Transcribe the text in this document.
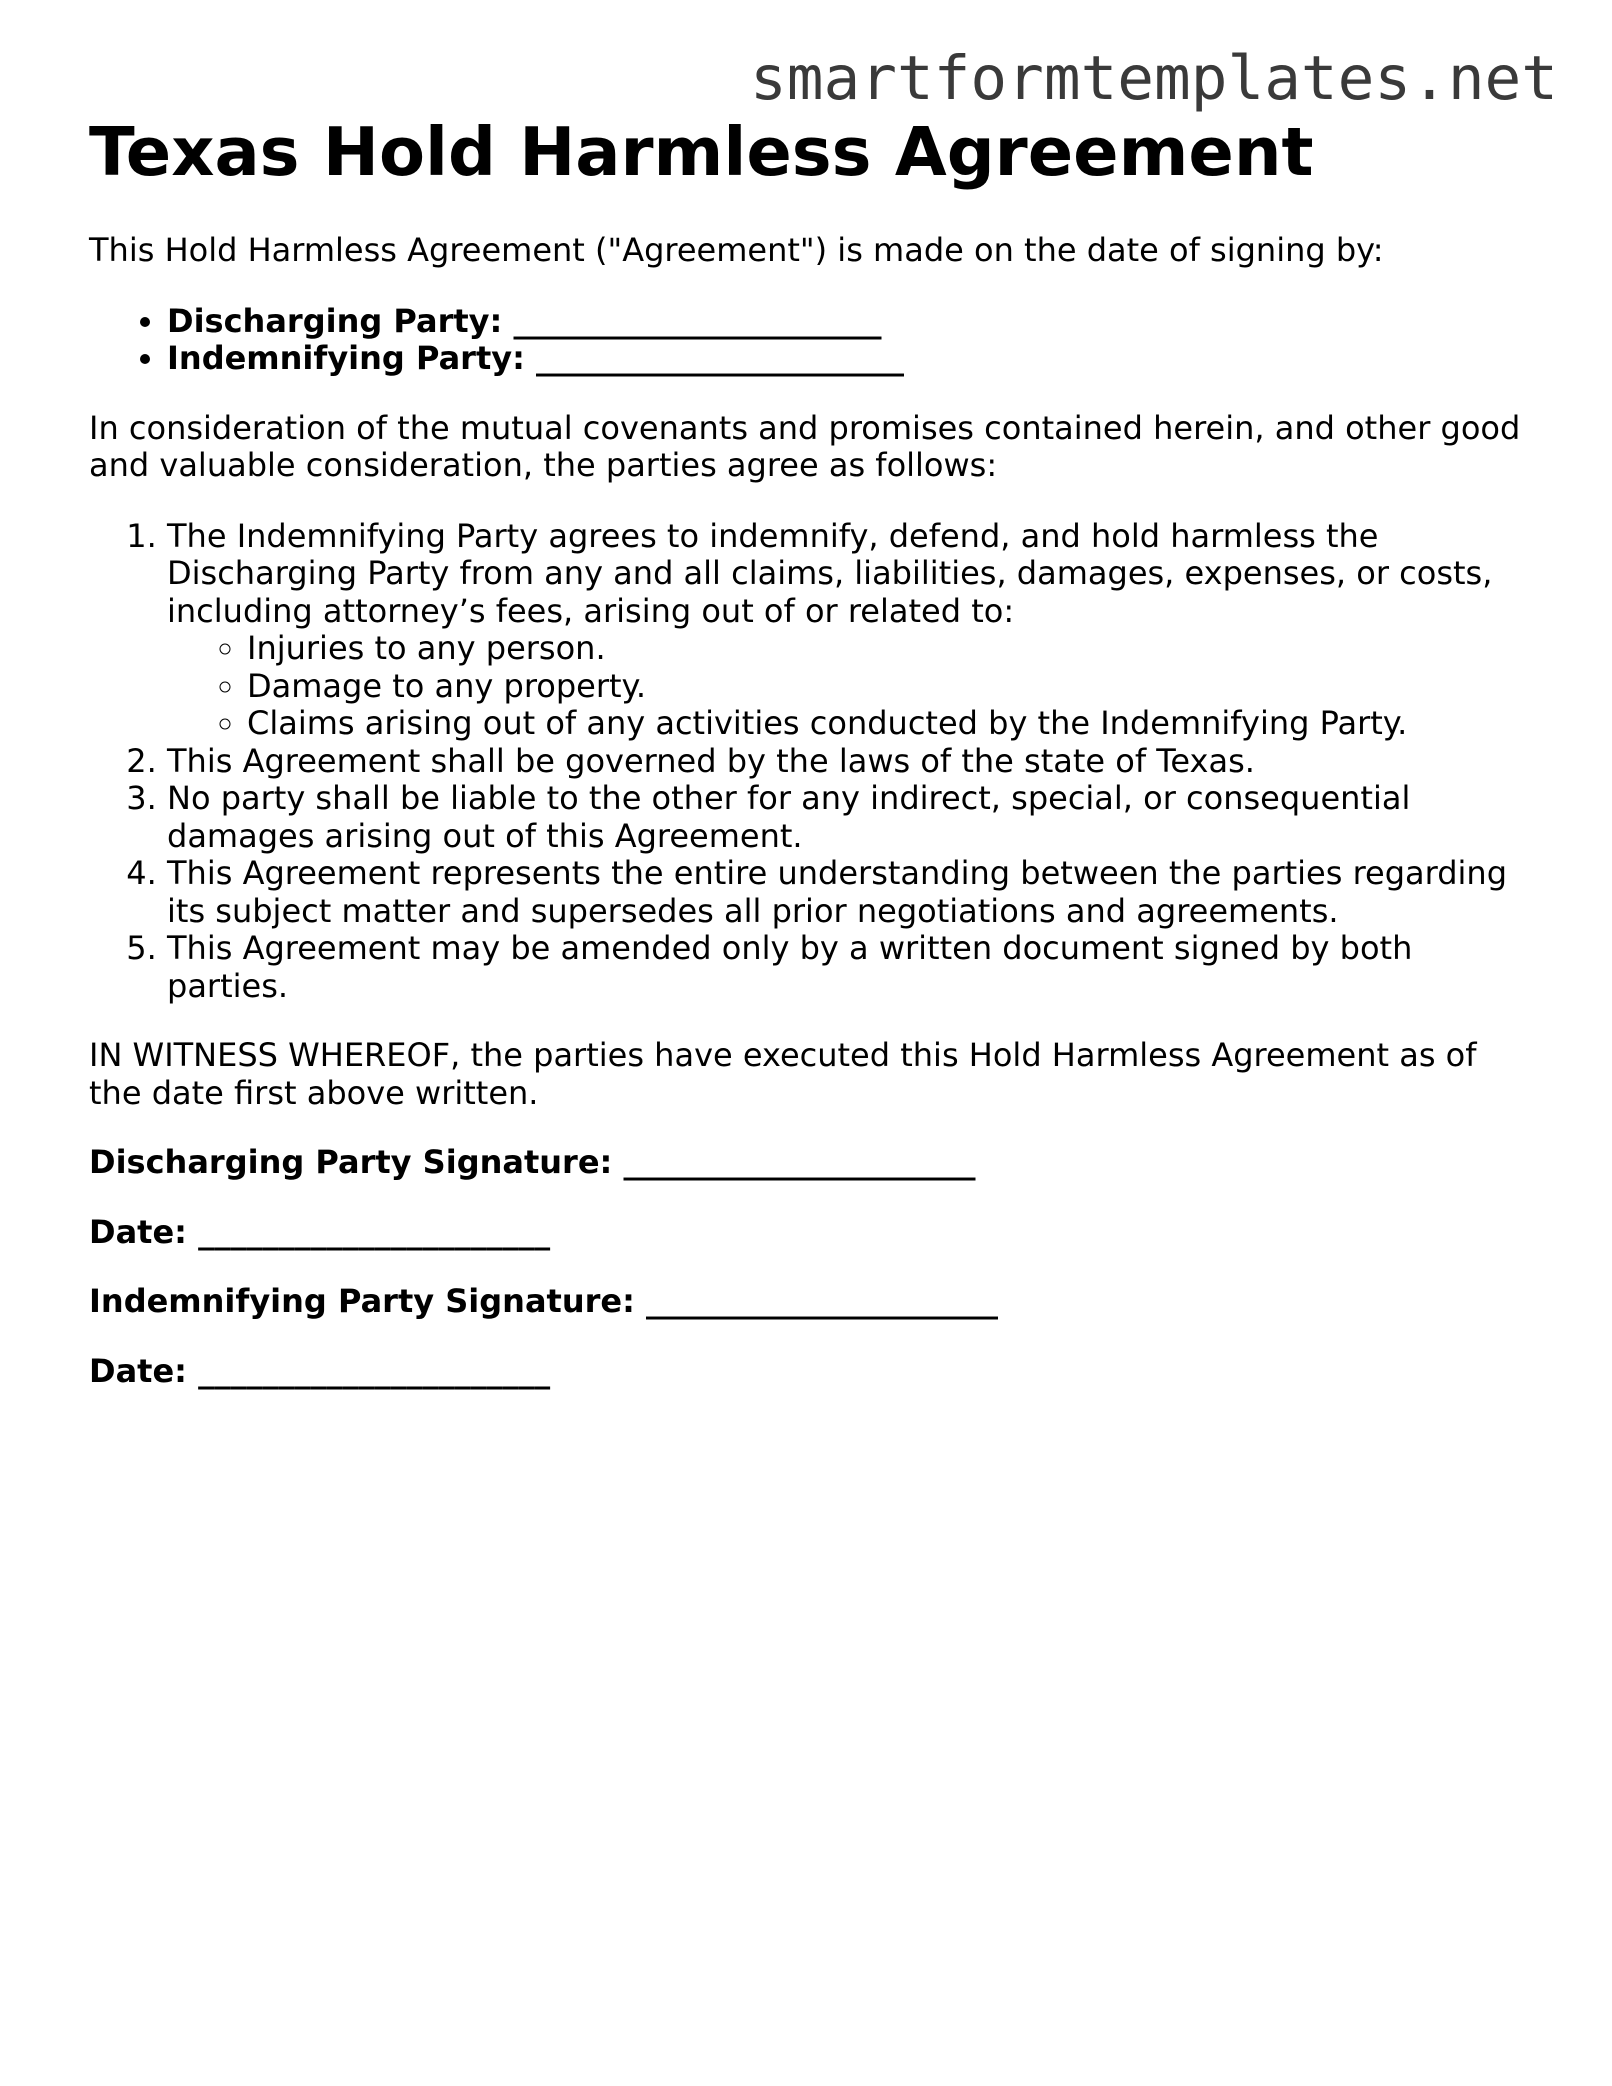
smartformtemplates.net
Texas Hold Harmless Agreement

This Hold Harmless Agreement ("Agreement") is made on the date of signing by:

• Discharging Party: _______________________
• Indemnifying Party: _______________________

In consideration of the mutual covenants and promises contained herein, and other good and valuable consideration, the parties agree as follows:

1. The Indemnifying Party agrees to indemnify, defend, and hold harmless the Discharging Party from any and all claims, liabilities, damages, expenses, or costs, including attorney’s fees, arising out of or related to:
◦ Injuries to any person.
◦ Damage to any property.
◦ Claims arising out of any activities conducted by the Indemnifying Party.
2. This Agreement shall be governed by the laws of the state of Texas.
3. No party shall be liable to the other for any indirect, special, or consequential damages arising out of this Agreement.
4. This Agreement represents the entire understanding between the parties regarding its subject matter and supersedes all prior negotiations and agreements.
5. This Agreement may be amended only by a written document signed by both parties.

IN WITNESS WHEREOF, the parties have executed this Hold Harmless Agreement as of the date first above written.

Discharging Party Signature: ______________________

Date: ______________________

Indemnifying Party Signature: ______________________

Date: ______________________
